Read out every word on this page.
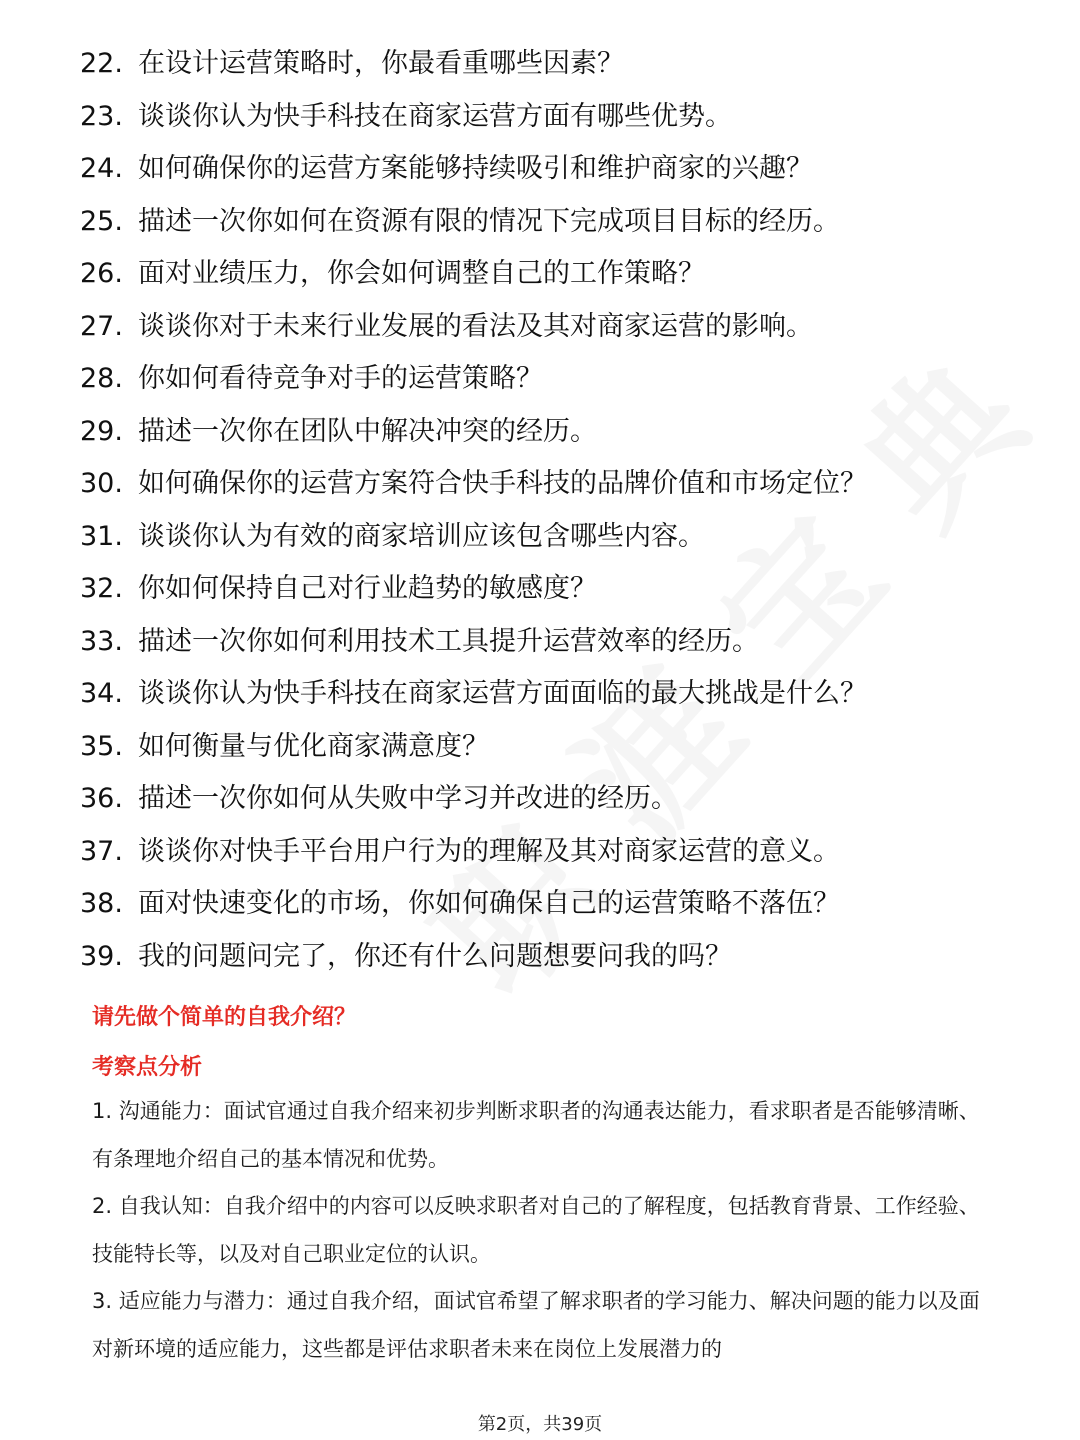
22. 在设计运营策略时，你最看重哪些因素？
23. 谈谈你认为快手科技在商家运营方面有哪些优势。
24. 如何确保你的运营方案能够持续吸引和维护商家的兴趣？
25. 描述一次你如何在资源有限的情况下完成项目目标的经历。
26. 面对业绩压力，你会如何调整自己的工作策略？
27. 谈谈你对于未来行业发展的看法及其对商家运营的影响。
28. 你如何看待竞争对手的运营策略？
29. 描述一次你在团队中解决冲突的经历。
30. 如何确保你的运营方案符合快手科技的品牌价值和市场定位？
31. 谈谈你认为有效的商家培训应该包含哪些内容。
32. 你如何保持自己对行业趋势的敏感度？
33. 描述一次你如何利用技术工具提升运营效率的经历。
34. 谈谈你认为快手科技在商家运营方面面临的最大挑战是什么？
35. 如何衡量与优化商家满意度？
36. 描述一次你如何从失败中学习并改进的经历。
37. 谈谈你对快手平台用户行为的理解及其对商家运营的意义。
38. 面对快速变化的市场，你如何确保自己的运营策略不落伍？
39. 我的问题问完了，你还有什么问题想要问我的吗？
请先做个简单的自我介绍？
考察点分析

1. 沟通能力：面试官通过自我介绍来初步判断求职者的沟通表达能力，看求职者是否能够清晰、有条理地介绍自己的基本情况和优势。

2. 自我认知：自我介绍中的内容可以反映求职者对自己的了解程度，包括教育背景、工作经验、技能特长等，以及对自己职业定位的认识。

3. 适应能力与潜力：通过自我介绍，面试官希望了解求职者的学习能力、解决问题的能力以及面对新环境的适应能力，这些都是评估求职者未来在岗位上发展潜力的

第2页，共39页
